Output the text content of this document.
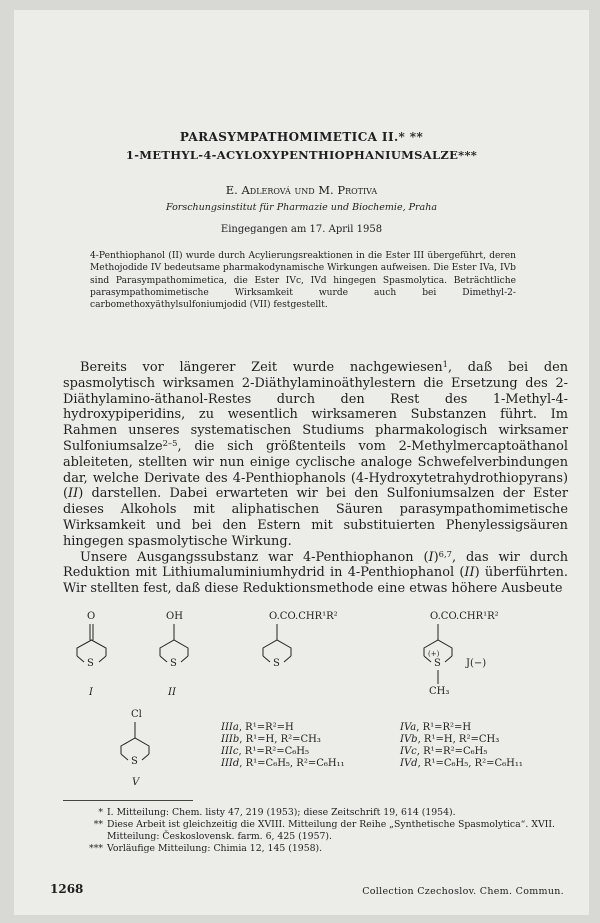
PARASYMPATHOMIMETICA II.* **
1-METHYL-4-ACYLOXYPENTHIOPHANIUMSALZE***
E. Adlerová und M. Protiva
Forschungsinstitut für Pharmazie und Biochemie, Praha
Eingegangen am 17. April 1958
4-Penthiophanol (II) wurde durch Acylierungsreaktionen in die Ester III übergeführt, deren Methojodide IV bedeutsame pharmakodynamische Wirkungen aufweisen. Die Ester IVa, IVb sind Parasympathomimetica, die Ester IVc, IVd hingegen Spasmolytica. Beträchtliche parasympathomimetische Wirksamkeit wurde auch bei Dimethyl-2-carbomethoxyäthylsulfoniumjodid (VII) festgestellt.

Bereits vor längerer Zeit wurde nachgewiesen$^1$, daß bei den spasmolytisch wirksamen 2-Diäthylaminoäthylestern die Ersetzung des 2-Diäthylamino-äthanol-Restes durch den Rest des 1-Methyl-4-hydroxypiperidins, zu wesentlich wirksameren Substanzen führt. Im Rahmen unseres systematischen Studiums pharmakologisch wirksamer Sulfoniumsalze$^{2-5}$, die sich größtenteils vom 2-Methylmercaptoäthanol ableiteten, stellten wir nun einige cyclische analoge Schwefelverbindungen dar, welche Derivate des 4-Penthiophanols (4-Hydroxytetrahydrothiopyrans) (II) darstellen. Dabei erwarteten wir bei den Sulfoniumsalzen der Ester dieses Alkohols mit aliphatischen Säuren parasympathomimetische Wirksamkeit und bei den Estern mit substituierten Phenylessigsäuren hingegen spasmolytische Wirkung.

Unsere Ausgangssubstanz war 4-Penthiophanon $(I)^{6,7}$, das wir durch Reduktion mit Lithiumaluminiumhydrid in 4-Penthiophanol (II) überführten. Wir stellten fest, daß diese Reduktionsmethode eine etwas höhere Ausbeute

O
S
I
OH
S
II
O.CO.CHR¹R²
S
O.CO.CHR¹R²
(+)
S	J(−)
CH₃
Cl
S
V
IIIa, R¹=R²=H
IIIb, R¹=H, R²=CH₃
IIIc, R¹=R²=C₆H₅
IIId, R¹=C₆H₅, R²=C₆H₁₁
IVa, R¹=R²=H
IVb, R¹=H, R²=CH₃
IVc, R¹=R²=C₆H₅
IVd, R¹=C₆H₅, R²=C₆H₁₁
* I. Mitteilung: Chem. listy 47, 219 (1953); diese Zeitschrift 19, 614 (1954).
** Diese Arbeit ist gleichzeitig die XVIII. Mitteilung der Reihe „Synthetische Spasmolytica“. XVII. Mitteilung: Československ. farm. 6, 425 (1957).
*** Vorläufige Mitteilung: Chimia 12, 145 (1958).
1268	Collection Czechoslov. Chem. Commun.
